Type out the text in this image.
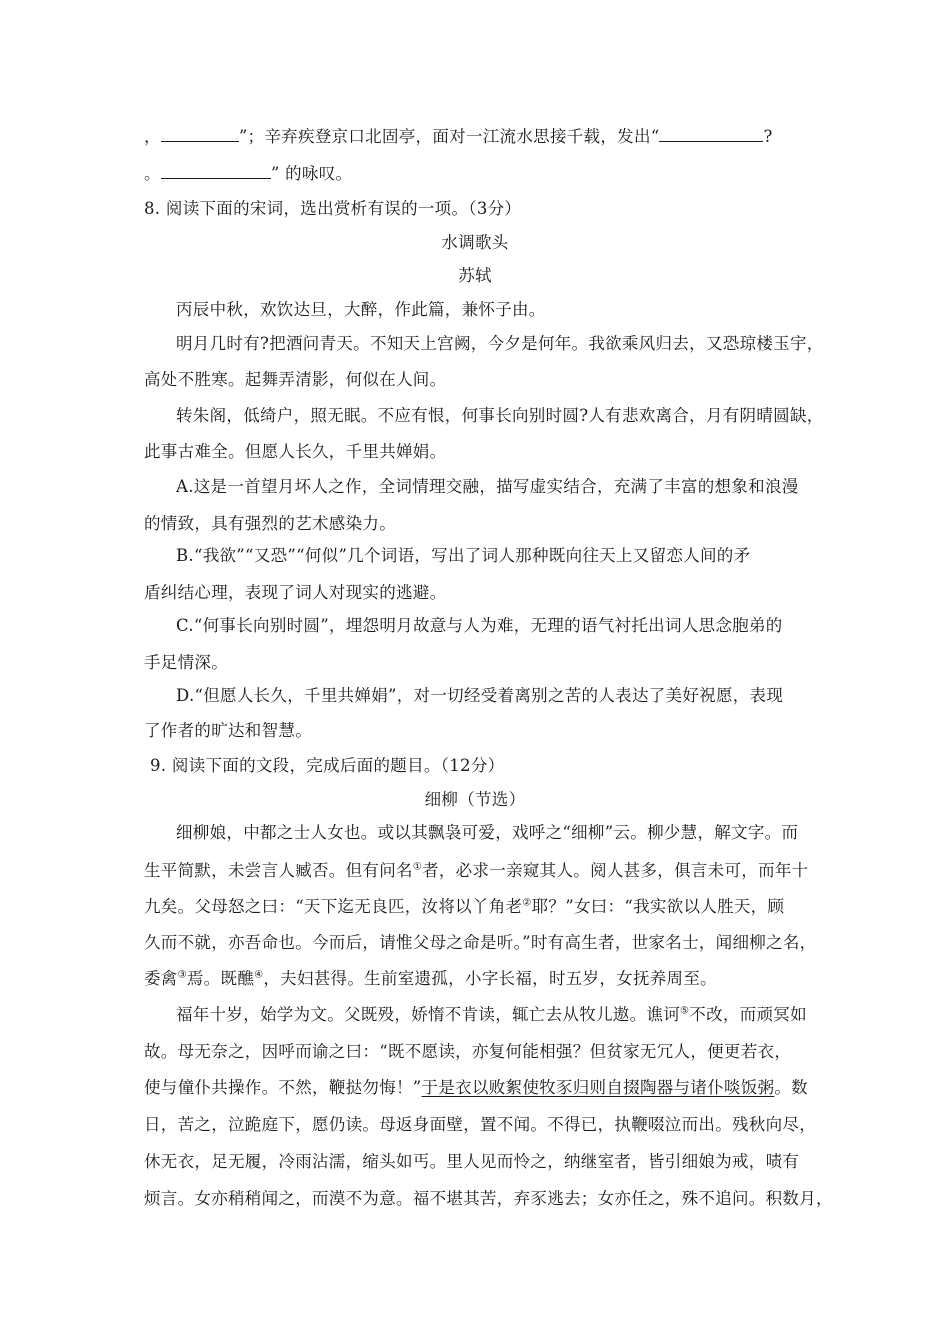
，	”；辛弃疾登京口北固亭，面对一江流水思接千载，发出“	?
。	” 的咏叹。
8. 阅读下面的宋词，选出赏析有误的一项。（3分）
水调歌头
苏轼
丙辰中秋，欢饮达旦，大醉，作此篇，兼怀子由。
明月几时有?把酒问青天。不知天上宫阙，今夕是何年。我欲乘风归去，又恐琼楼玉宇，
高处不胜寒。起舞弄清影，何似在人间。
转朱阁，低绮户，照无眠。不应有恨，何事长向别时圆?人有悲欢离合，月有阴晴圆缺，
此事古难全。但愿人长久，千里共婵娟。
A.这是一首望月坏人之作，全词情理交融，描写虚实结合，充满了丰富的想象和浪漫
的情致，具有强烈的艺术感染力。
B.“我欲”“又恐”“何似”几个词语，写出了词人那种既向往天上又留恋人间的矛
盾纠结心理，表现了词人对现实的逃避。
C.“何事长向别时圆”，埋怨明月故意与人为难，无理的语气衬托出词人思念胞弟的
手足情深。
D.“但愿人长久，千里共婵娟”，对一切经受着离别之苦的人表达了美好祝愿，表现
了作者的旷达和智慧。
9. 阅读下面的文段，完成后面的题目。（12分）
细柳（节选）
细柳娘，中都之士人女也。或以其飘袅可爱，戏呼之“细柳”云。柳少慧，解文字。而
生平简默，未尝言人臧否。但有问名①者，必求一亲窥其人。阅人甚多，俱言未可，而年十
九矣。父母怒之曰：“天下迄无良匹，汝将以丫角老②耶？”女曰：“我实欲以人胜天，顾
久而不就，亦吾命也。今而后，请惟父母之命是听。”时有高生者，世家名士，闻细柳之名，
委禽③焉。既醮④，夫妇甚得。生前室遗孤，小字长福，时五岁，女抚养周至。
福年十岁，始学为文。父既殁，娇惰不肯读，辄亡去从牧儿遨。谯诃⑤不改，而顽冥如
故。母无奈之，因呼而谕之曰：“既不愿读，亦复何能相强？但贫家无冗人，便更若衣，
使与僮仆共操作。不然，鞭挞勿悔！”于是衣以败絮使牧豕归则自掇陶器与诸仆啖饭粥。数
日，苦之，泣跪庭下，愿仍读。母返身面壁，置不闻。不得已，执鞭啜泣而出。残秋向尽，
休无衣，足无履，冷雨沾濡，缩头如丐。里人见而怜之，纳继室者，皆引细娘为戒，啧有
烦言。女亦稍稍闻之，而漠不为意。福不堪其苦，弃豕逃去；女亦任之，殊不追问。积数月，
